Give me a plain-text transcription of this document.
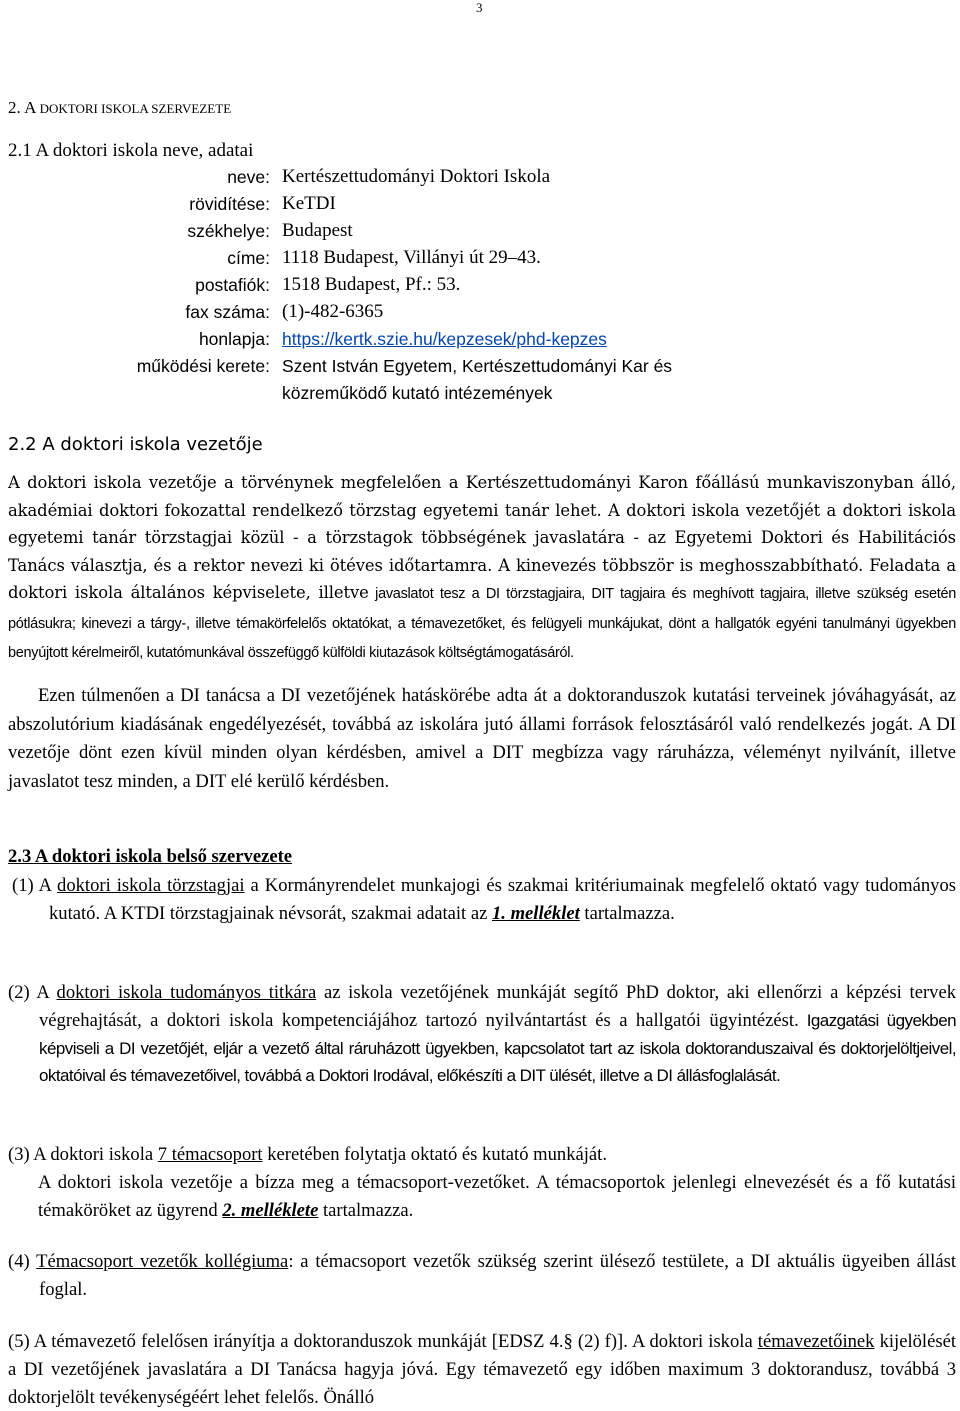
3
2. A DOKTORI ISKOLA SZERVEZETE
2.1 A doktori iskola neve, adatai
neve: Kertészettudományi Doktori Iskola
rövidítése: KeTDI
székhelye: Budapest
címe: 1118 Budapest, Villányi út 29–43.
postafiók: 1518 Budapest, Pf.: 53.
fax száma: (1)-482-6365
honlapja: https://kertk.szie.hu/kepzesek/phd-kepzes
működési kerete: Szent István Egyetem, Kertészettudományi Kar és
közreműködő kutató intézemények
2.2 A doktori iskola vezetője
A doktori iskola vezetője a törvénynek megfelelően a Kertészettudományi Karon főállású munkaviszonyban álló, akadémiai doktori fokozattal rendelkező törzstag egyetemi tanár lehet. A doktori iskola vezetőjét a doktori iskola egyetemi tanár törzstagjai közül - a törzstagok többségének javaslatára - az Egyetemi Doktori és Habilitációs Tanács választja, és a rektor nevezi ki ötéves időtartamra. A kinevezés többször is meghosszabbítható. Feladata a doktori iskola általános képviselete, illetve javaslatot tesz a DI törzstagjaira, DIT tagjaira és meghívott tagjaira, illetve szükség esetén pótlásukra; kinevezi a tárgy-, illetve témakörfelelős oktatókat, a témavezetőket, és felügyeli munkájukat, dönt a hallgatók egyéni tanulmányi ügyekben benyújtott kérelmeiről, kutatómunkával összefüggő külföldi kiutazások költségtámogatásáról.
Ezen túlmenően a DI tanácsa a DI vezetőjének hatáskörébe adta át a doktoranduszok kutatási terveinek jóváhagyását, az abszolutórium kiadásának engedélyezését, továbbá az iskolára jutó állami források felosztásáról való rendelkezés jogát. A DI vezetője dönt ezen kívül minden olyan kérdésben, amivel a DIT megbízza vagy ráruházza, véleményt nyilvánít, illetve javaslatot tesz minden, a DIT elé kerülő kérdésben.
2.3 A doktori iskola belső szervezete
(1) A doktori iskola törzstagjai a Kormányrendelet munkajogi és szakmai kritériumainak megfelelő oktató vagy tudományos kutató. A KTDI törzstagjainak névsorát, szakmai adatait az 1. melléklet tartalmazza.
(2) A doktori iskola tudományos titkára az iskola vezetőjének munkáját segítő PhD doktor, aki ellenőrzi a képzési tervek végrehajtását, a doktori iskola kompetenciájához tartozó nyilvántartást és a hallgatói ügyintézést. Igazgatási ügyekben képviseli a DI vezetőjét, eljár a vezető által ráruházott ügyekben, kapcsolatot tart az iskola doktoranduszaival és doktorjelöltjeivel, oktatóival és témavezetőivel, továbbá a Doktori Irodával, előkészíti a DIT ülését, illetve a DI állásfoglalását.
(3) A doktori iskola 7 témacsoport keretében folytatja oktató és kutató munkáját.
A doktori iskola vezetője a bízza meg a témacsoport-vezetőket. A témacsoportok jelenlegi elnevezését és a fő kutatási témaköröket az ügyrend 2. melléklete tartalmazza.
(4) Témacsoport vezetők kollégiuma: a témacsoport vezetők szükség szerint ülésező testülete, a DI aktuális ügyeiben állást foglal.
(5) A témavezető felelősen irányítja a doktoranduszok munkáját [EDSZ 4.§ (2) f)]. A doktori iskola témavezetőinek kijelölését a DI vezetőjének javaslatára a DI Tanácsa hagyja jóvá. Egy témavezető egy időben maximum 3 doktorandusz, továbbá 3 doktorjelölt tevékenységéért lehet felelős. Önálló
